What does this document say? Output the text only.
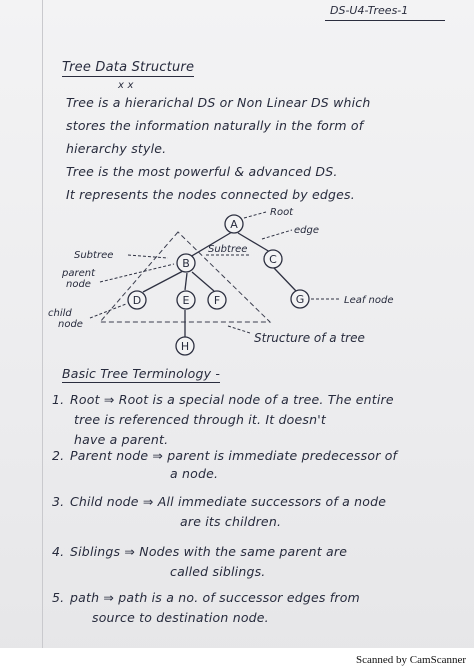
DS-U4-Trees-1
Tree Data Structure
x x
Tree is a hierarichal DS or Non Linear DS which
stores the information naturally in the form of
hierarchy style.
Tree is the most powerful & advanced DS.
It represents the nodes connected by edges.
A
B	C
D	E F	G
H
Root
edge
Subtree
Subtree
parent
node
child
node
Leaf node
Structure of a tree
Basic Tree Terminology -
1. Root ⇒ Root is a special node of a tree. The entire
tree is referenced through it. It doesn't
have a parent.
2. Parent node ⇒ parent is immediate predecessor of
a node.
3. Child node ⇒ All immediate successors of a node
are its children.
4. Siblings ⇒ Nodes with the same parent are
called siblings.
5. path ⇒ path is a no. of successor edges from
source to destination node.
Scanned by CamScanner
